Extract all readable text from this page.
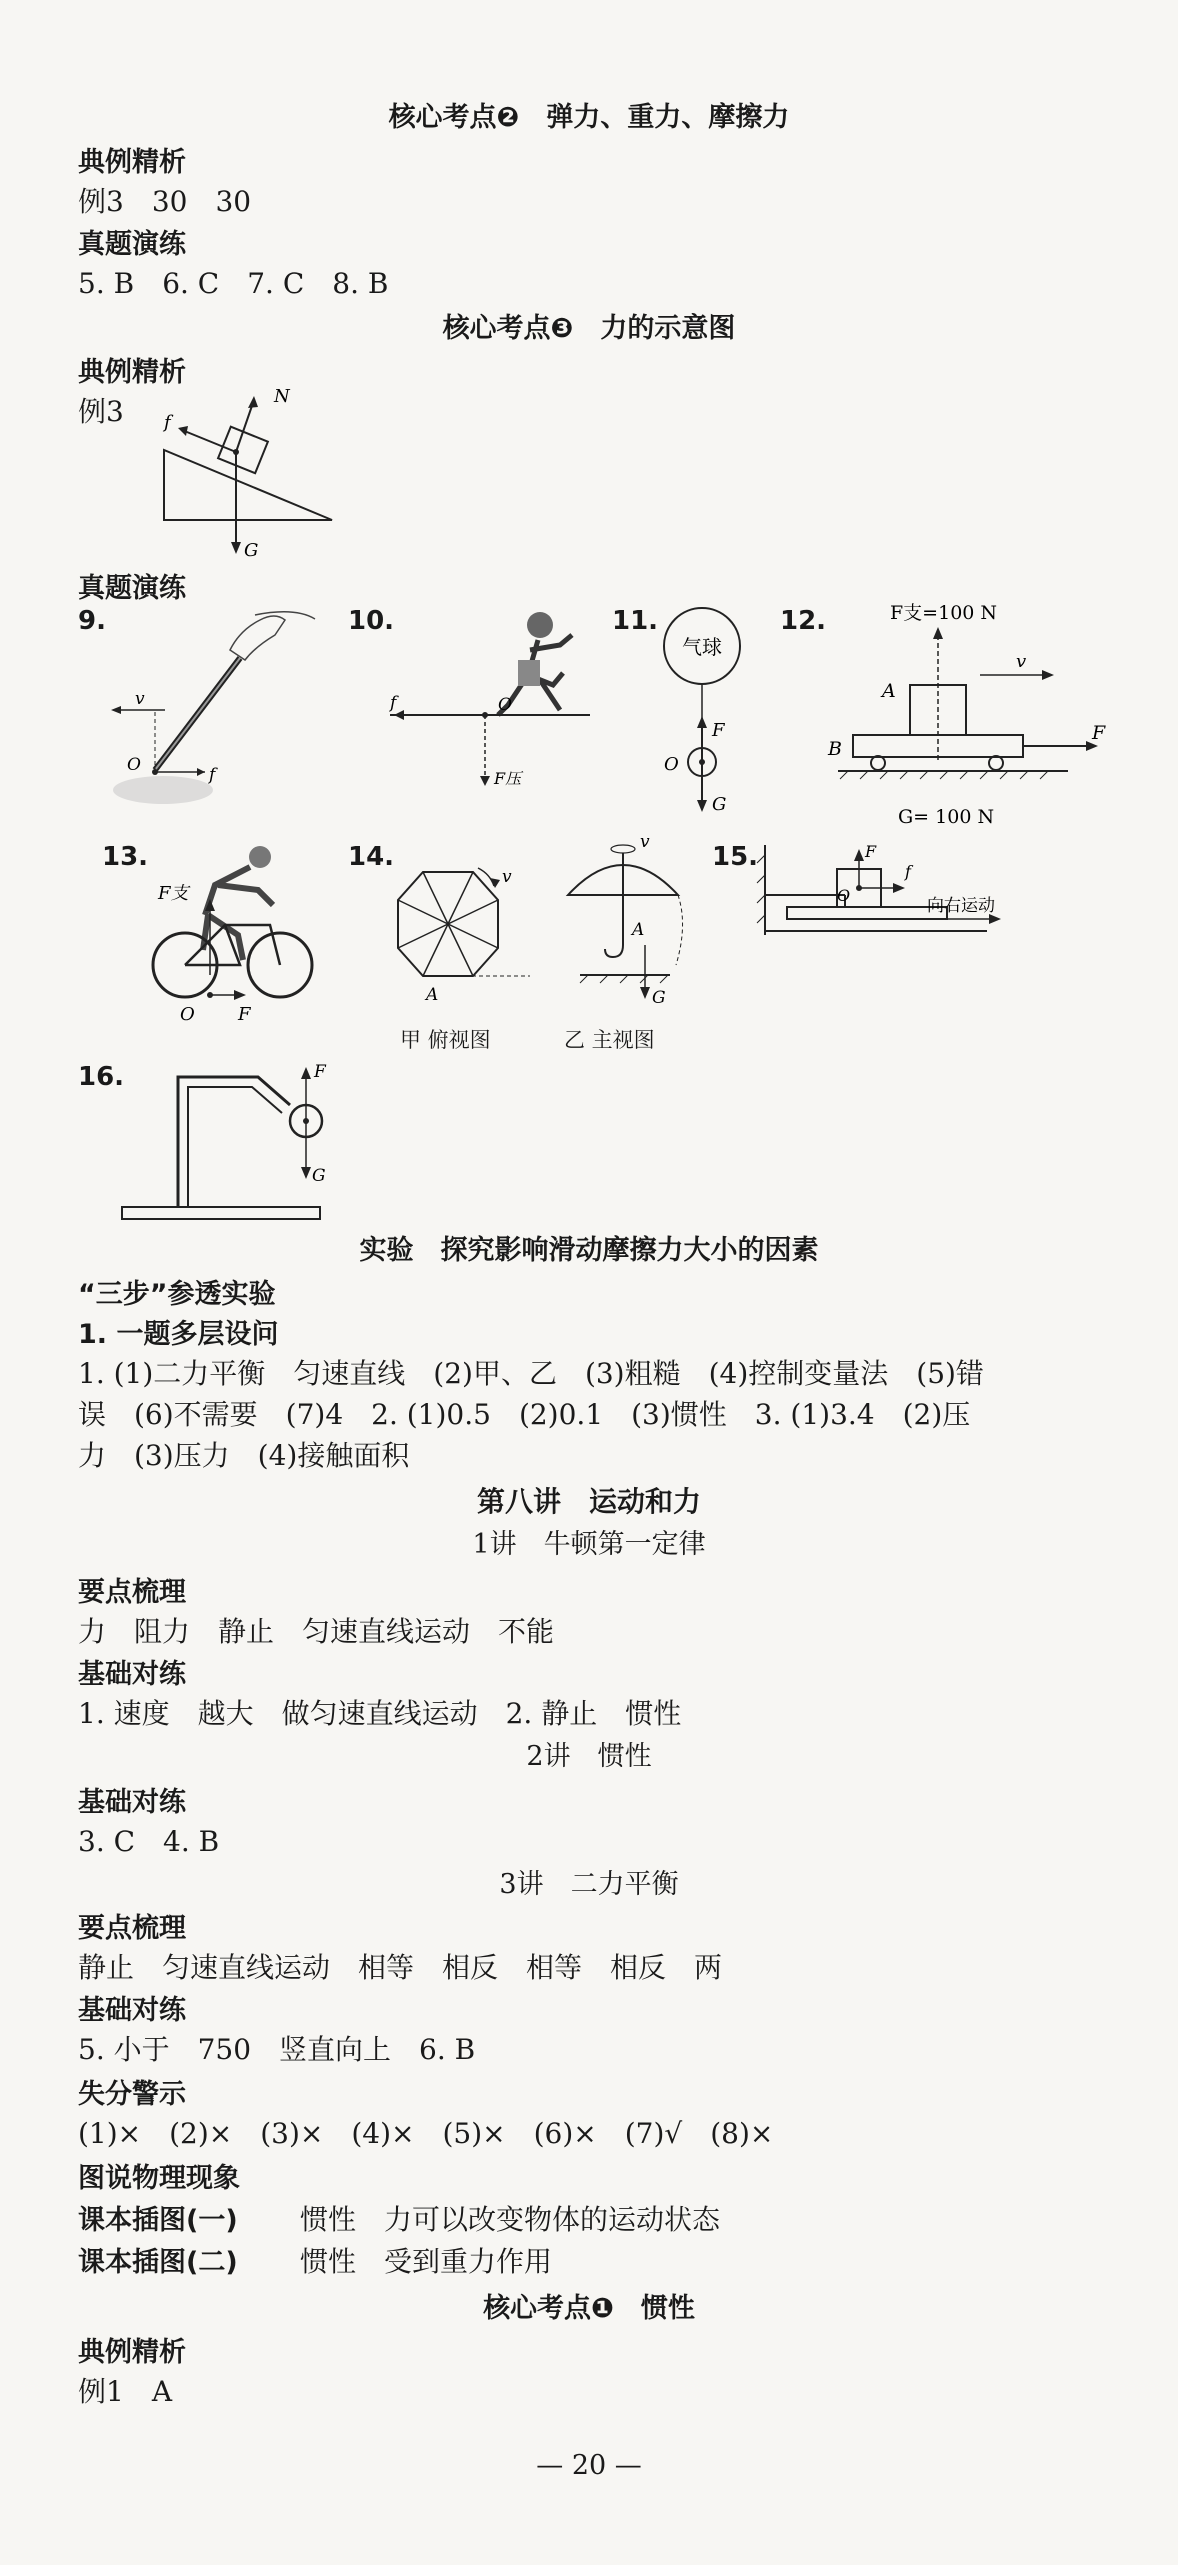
核心考点❷　弹力、重力、摩擦力
典例精析
例3　30　30
真题演练
5. B　6. C　7. C　8. B
核心考点❸　力的示意图
典例精析
例3	N
f
G
真题演练
9.
v
O	f
10.
f	O
F压
11.
气球
F
O
G
12.	F支=100 N
v
A
B
F
G= 100 N
13.
F支
O F
14.
v
A
甲 俯视图
v
A
G
乙 主视图
15.	F
O
f
向右运动
16.	F
G
实验　探究影响滑动摩擦力大小的因素
“三步”参透实验
1. 一题多层设问
1. (1)二力平衡　匀速直线　(2)甲、乙　(3)粗糙　(4)控制变量法　(5)错
误　(6)不需要　(7)4　2. (1)0.5　(2)0.1　(3)惯性　3. (1)3.4　(2)压
力　(3)压力　(4)接触面积
第八讲　运动和力
1讲　牛顿第一定律
要点梳理
力　阻力　静止　匀速直线运动　不能
基础对练
1. 速度　越大　做匀速直线运动　2. 静止　惯性
2讲　惯性
基础对练
3. C　4. B
3讲　二力平衡
要点梳理
静止　匀速直线运动　相等　相反　相等　相反　两
基础对练
5. 小于　750　竖直向上　6. B
失分警示
(1)×　(2)×　(3)×　(4)×　(5)×　(6)×　(7)√　(8)×
图说物理现象
课本插图(一) 惯性　力可以改变物体的运动状态
课本插图(二) 惯性　受到重力作用
核心考点❶　惯性
典例精析
例1　A
— 20 —
